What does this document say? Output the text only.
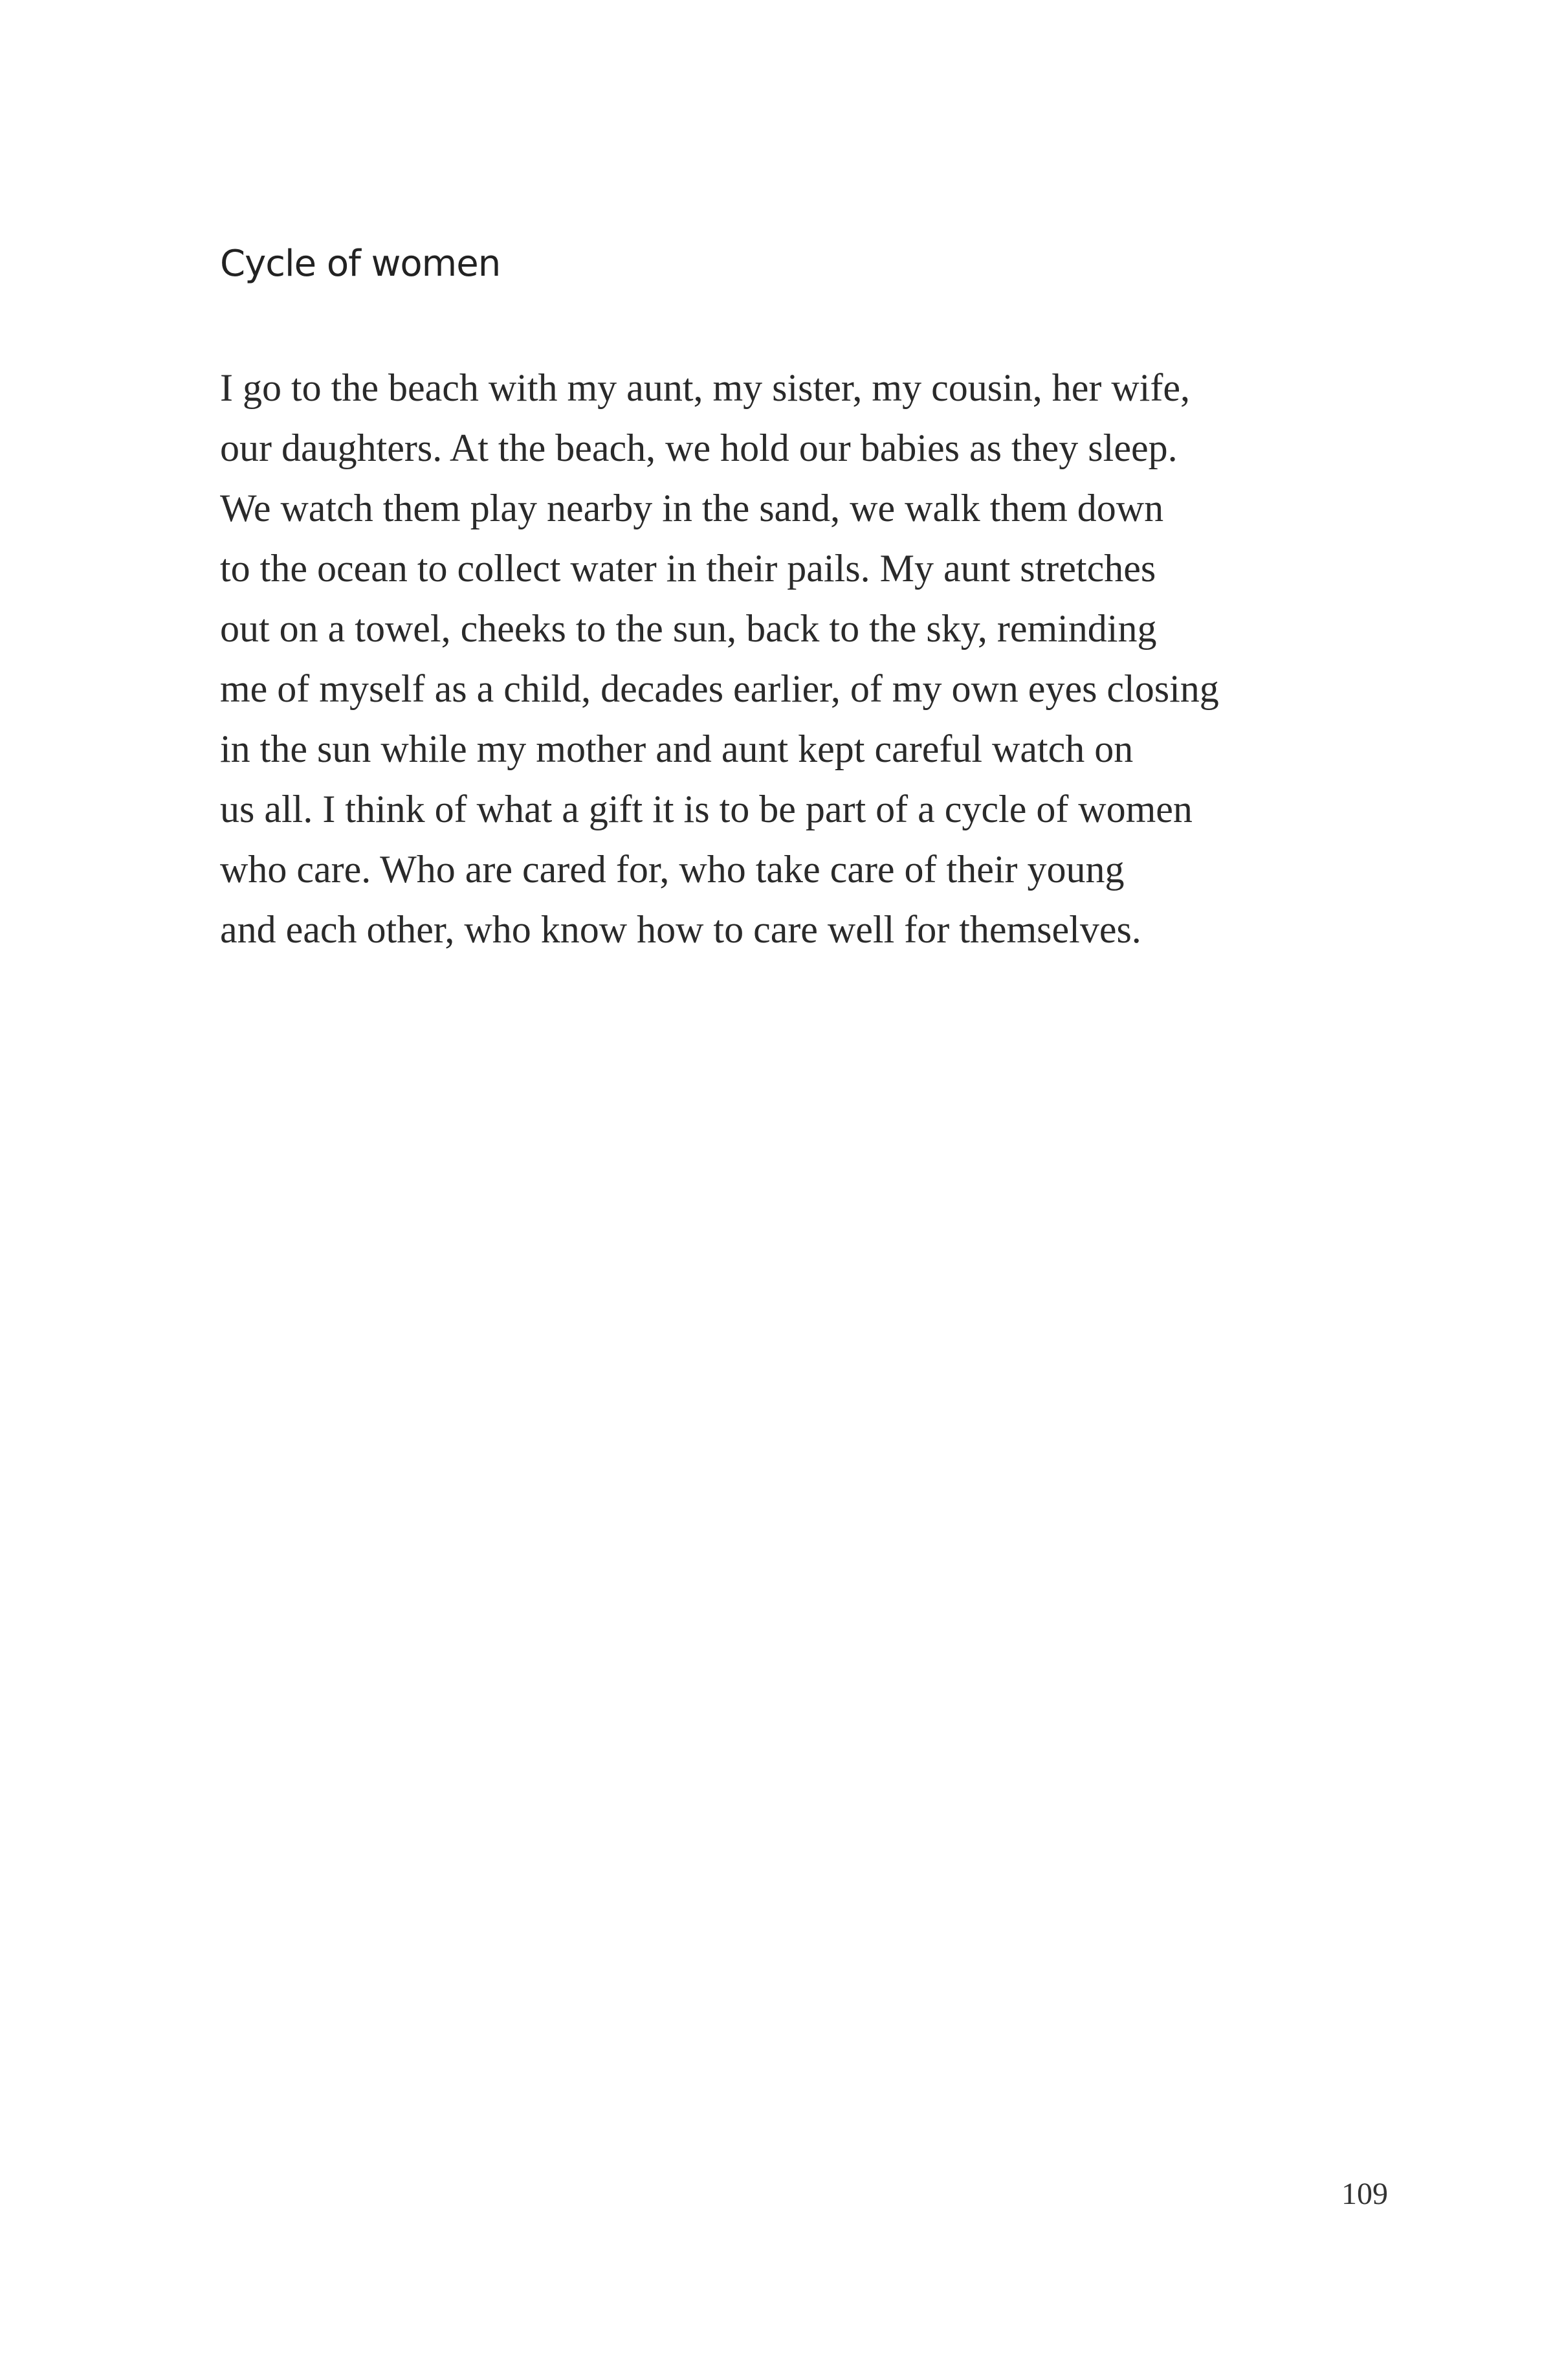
Cycle of women
I go to the beach with my aunt, my sister, my cousin, her wife,
our daughters. At the beach, we hold our babies as they sleep.
We watch them play nearby in the sand, we walk them down
to the ocean to collect water in their pails. My aunt stretches
out on a towel, cheeks to the sun, back to the sky, reminding
me of myself as a child, decades earlier, of my own eyes closing
in the sun while my mother and aunt kept careful watch on
us all. I think of what a gift it is to be part of a cycle of women
who care. Who are cared for, who take care of their young
and each other, who know how to care well for themselves.

109
